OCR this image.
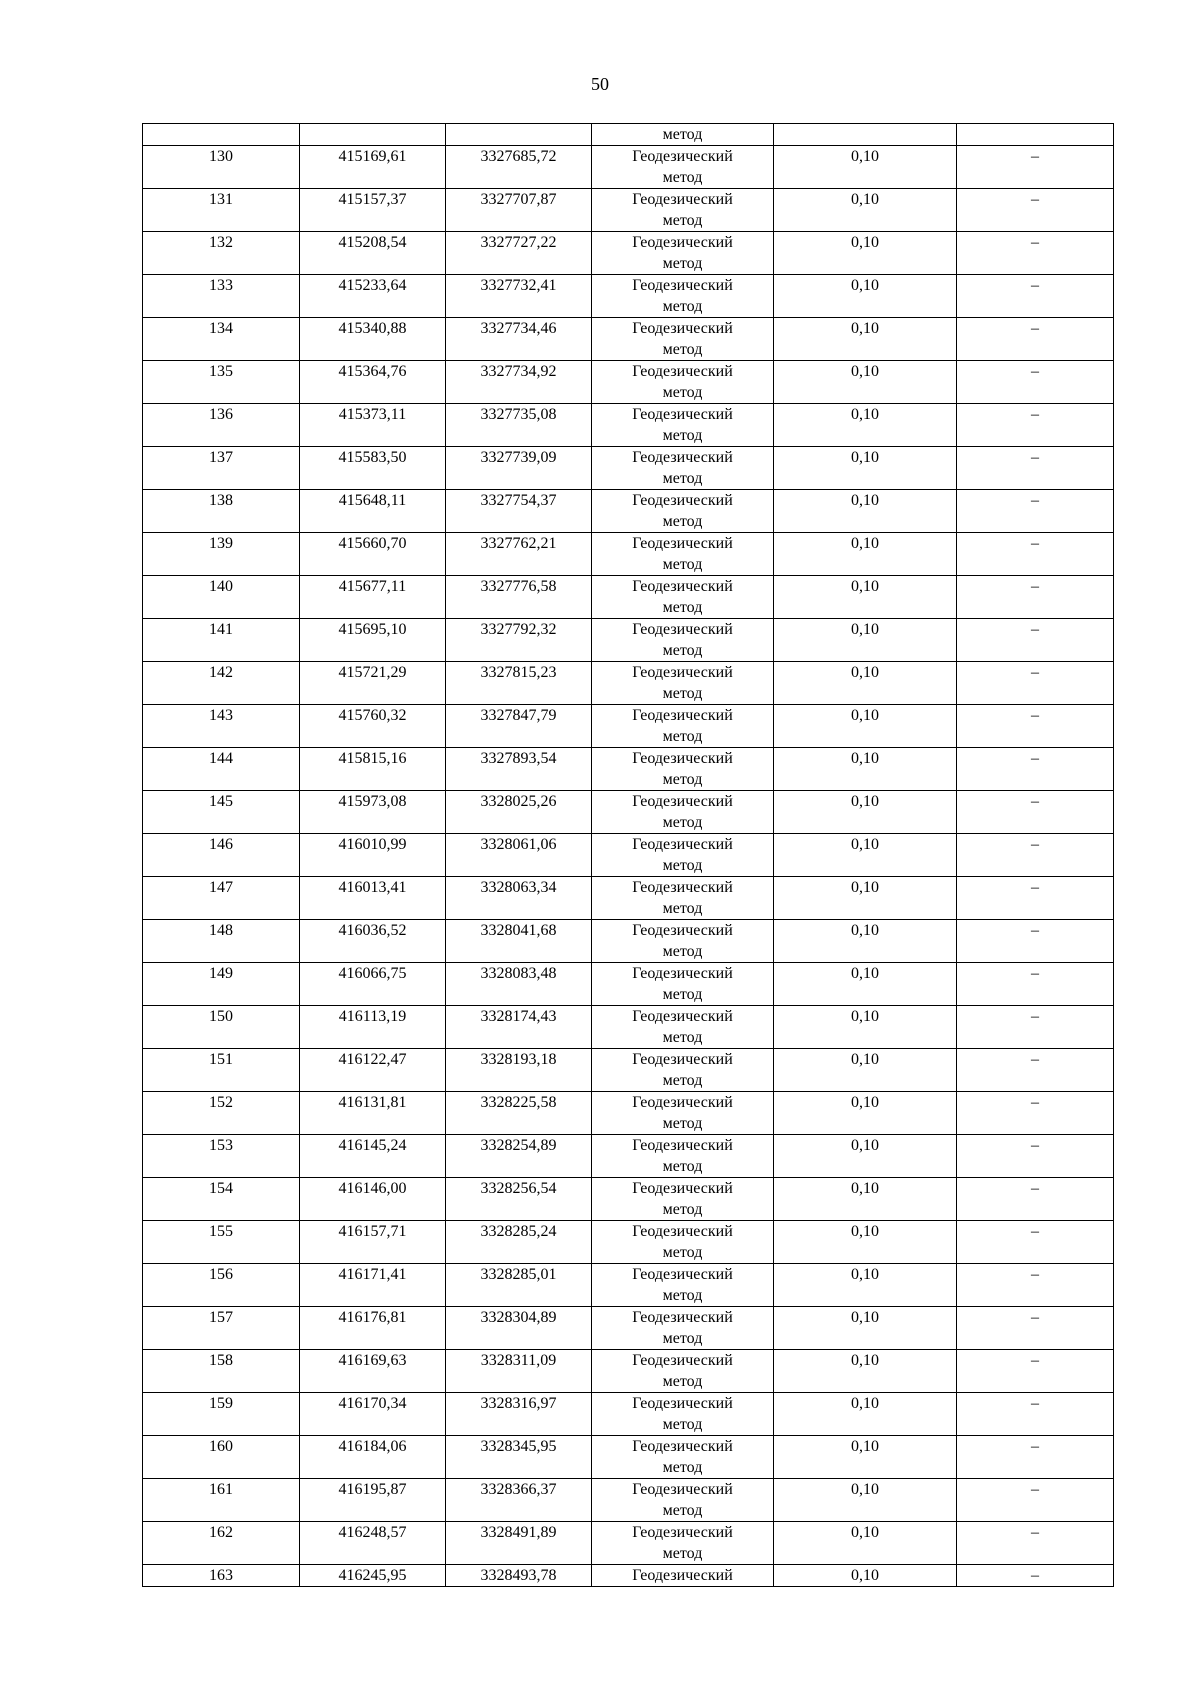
50
			метод		
130	415169,61	3327685,72	Геодезический
метод	0,10	–
131	415157,37	3327707,87	Геодезический
метод	0,10	–
132	415208,54	3327727,22	Геодезический
метод	0,10	–
133	415233,64	3327732,41	Геодезический
метод	0,10	–
134	415340,88	3327734,46	Геодезический
метод	0,10	–
135	415364,76	3327734,92	Геодезический
метод	0,10	–
136	415373,11	3327735,08	Геодезический
метод	0,10	–
137	415583,50	3327739,09	Геодезический
метод	0,10	–
138	415648,11	3327754,37	Геодезический
метод	0,10	–
139	415660,70	3327762,21	Геодезический
метод	0,10	–
140	415677,11	3327776,58	Геодезический
метод	0,10	–
141	415695,10	3327792,32	Геодезический
метод	0,10	–
142	415721,29	3327815,23	Геодезический
метод	0,10	–
143	415760,32	3327847,79	Геодезический
метод	0,10	–
144	415815,16	3327893,54	Геодезический
метод	0,10	–
145	415973,08	3328025,26	Геодезический
метод	0,10	–
146	416010,99	3328061,06	Геодезический
метод	0,10	–
147	416013,41	3328063,34	Геодезический
метод	0,10	–
148	416036,52	3328041,68	Геодезический
метод	0,10	–
149	416066,75	3328083,48	Геодезический
метод	0,10	–
150	416113,19	3328174,43	Геодезический
метод	0,10	–
151	416122,47	3328193,18	Геодезический
метод	0,10	–
152	416131,81	3328225,58	Геодезический
метод	0,10	–
153	416145,24	3328254,89	Геодезический
метод	0,10	–
154	416146,00	3328256,54	Геодезический
метод	0,10	–
155	416157,71	3328285,24	Геодезический
метод	0,10	–
156	416171,41	3328285,01	Геодезический
метод	0,10	–
157	416176,81	3328304,89	Геодезический
метод	0,10	–
158	416169,63	3328311,09	Геодезический
метод	0,10	–
159	416170,34	3328316,97	Геодезический
метод	0,10	–
160	416184,06	3328345,95	Геодезический
метод	0,10	–
161	416195,87	3328366,37	Геодезический
метод	0,10	–
162	416248,57	3328491,89	Геодезический
метод	0,10	–
163	416245,95	3328493,78	Геодезический	0,10	–
